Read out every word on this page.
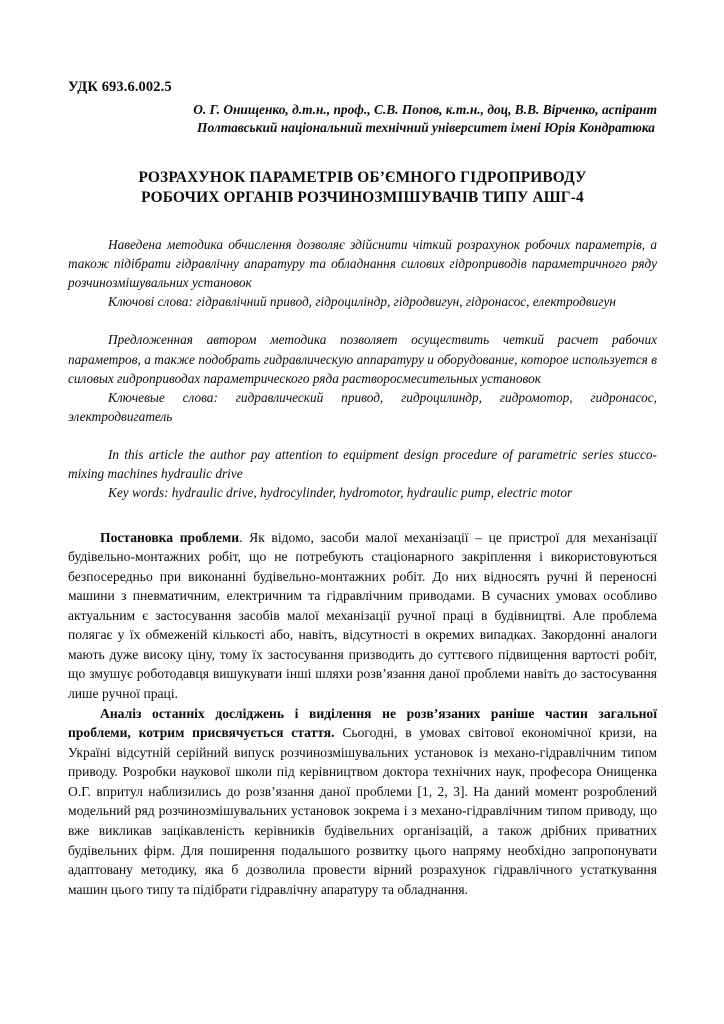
УДК 693.6.002.5
О. Г. Онищенко, д.т.н., проф., С.В. Попов, к.т.н., доц, В.В. Вірченко, аспірант
Полтавський національний технічний університет імені Юрія Кондратюка
РОЗРАХУНОК ПАРАМЕТРІВ ОБ’ЄМНОГО ГІДРОПРИВОДУ
РОБОЧИХ ОРГАНІВ РОЗЧИНОЗМІШУВАЧІВ ТИПУ АШГ-4

Наведена методика обчислення дозволяє здійснити чіткий розрахунок робочих параметрів, а також підібрати гідравлічну апаратуру та обладнання силових гідроприводів параметричного ряду розчинозмішувальних установок

Ключові слова: гідравлічний привод, гідроциліндр, гідродвигун, гідронасос, електродвигун

Предложенная автором методика позволяет осуществить четкий расчет рабочих параметров, а также подобрать гидравлическую аппаратуру и оборудование, которое используется в силовых гидроприводах параметрического ряда растворосмесительных установок

Ключевые слова: гидравлический привод, гидроцилиндр, гидромотор, гидронасос, электродвигатель

In this article the author pay attention to equipment design procedure of parametric series stucco-mixing machines hydraulic drive

Key words: hydraulic drive, hydrocylinder, hydromotor, hydraulic pump, electric motor

Постановка проблеми. Як відомо, засоби малої механізації – це пристрої для механізації будівельно-монтажних робіт, що не потребують стаціонарного закріплення і використовуються безпосередньо при виконанні будівельно-монтажних робіт. До них відносять ручні й переносні машини з пневматичним, електричним та гідравлічним приводами. В сучасних умовах особливо актуальним є застосування засобів малої механізації ручної праці в будівництві. Але проблема полягає у їх обмеженій кількості або, навіть, відсутності в окремих випадках. Закордонні аналоги мають дуже високу ціну, тому їх застосування призводить до суттєвого підвищення вартості робіт, що змушує роботодавця вишукувати інші шляхи розв’язання даної проблеми навіть до застосування лише ручної праці.

Аналіз останніх досліджень і виділення не розв’язаних раніше частин загальної проблеми, котрим присвячується стаття. Сьогодні, в умовах світової економічної кризи, на Україні відсутній серійний випуск розчинозмішувальних установок із механо-гідравлічним типом приводу. Розробки наукової школи під керівництвом доктора технічних наук, професора Онищенка О.Г. впритул наблизились до розв’язання даної проблеми [1, 2, 3]. На даний момент розроблений модельний ряд розчинозмішувальних установок зокрема і з механо-гідравлічним типом приводу, що вже викликав зацікавленість керівників будівельних організацій, а також дрібних приватних будівельних фірм. Для поширення подальшого розвитку цього напряму необхідно запропонувати адаптовану методику, яка б дозволила провести вірний розрахунок гідравлічного устаткування машин цього типу та підібрати гідравлічну апаратуру та обладнання.
